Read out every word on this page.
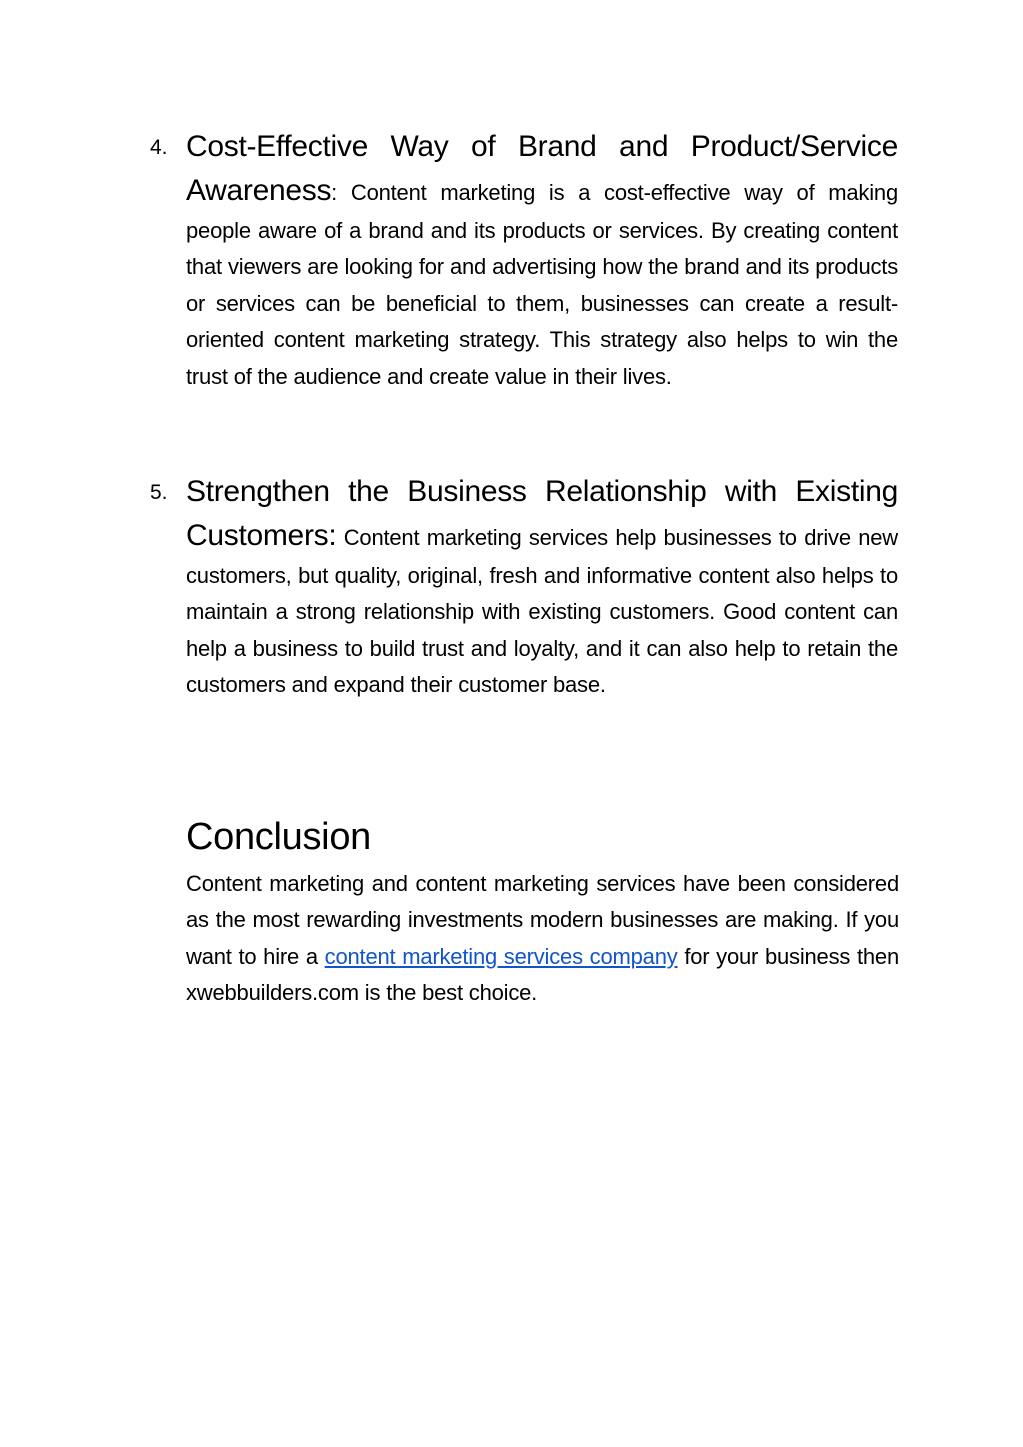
4. Cost-Effective Way of Brand and Product/Service Awareness: Content marketing is a cost-effective way of making people aware of a brand and its products or services. By creating content that viewers are looking for and advertising how the brand and its products or services can be beneficial to them, businesses can create a result-oriented content marketing strategy. This strategy also helps to win the trust of the audience and create value in their lives.
5. Strengthen the Business Relationship with Existing Customers: Content marketing services help businesses to drive new customers, but quality, original, fresh and informative content also helps to maintain a strong relationship with existing customers. Good content can help a business to build trust and loyalty, and it can also help to retain the customers and expand their customer base.
Conclusion

Content marketing and content marketing services have been considered as the most rewarding investments modern businesses are making. If you want to hire a content marketing services company for your business then xwebbuilders.com is the best choice.
